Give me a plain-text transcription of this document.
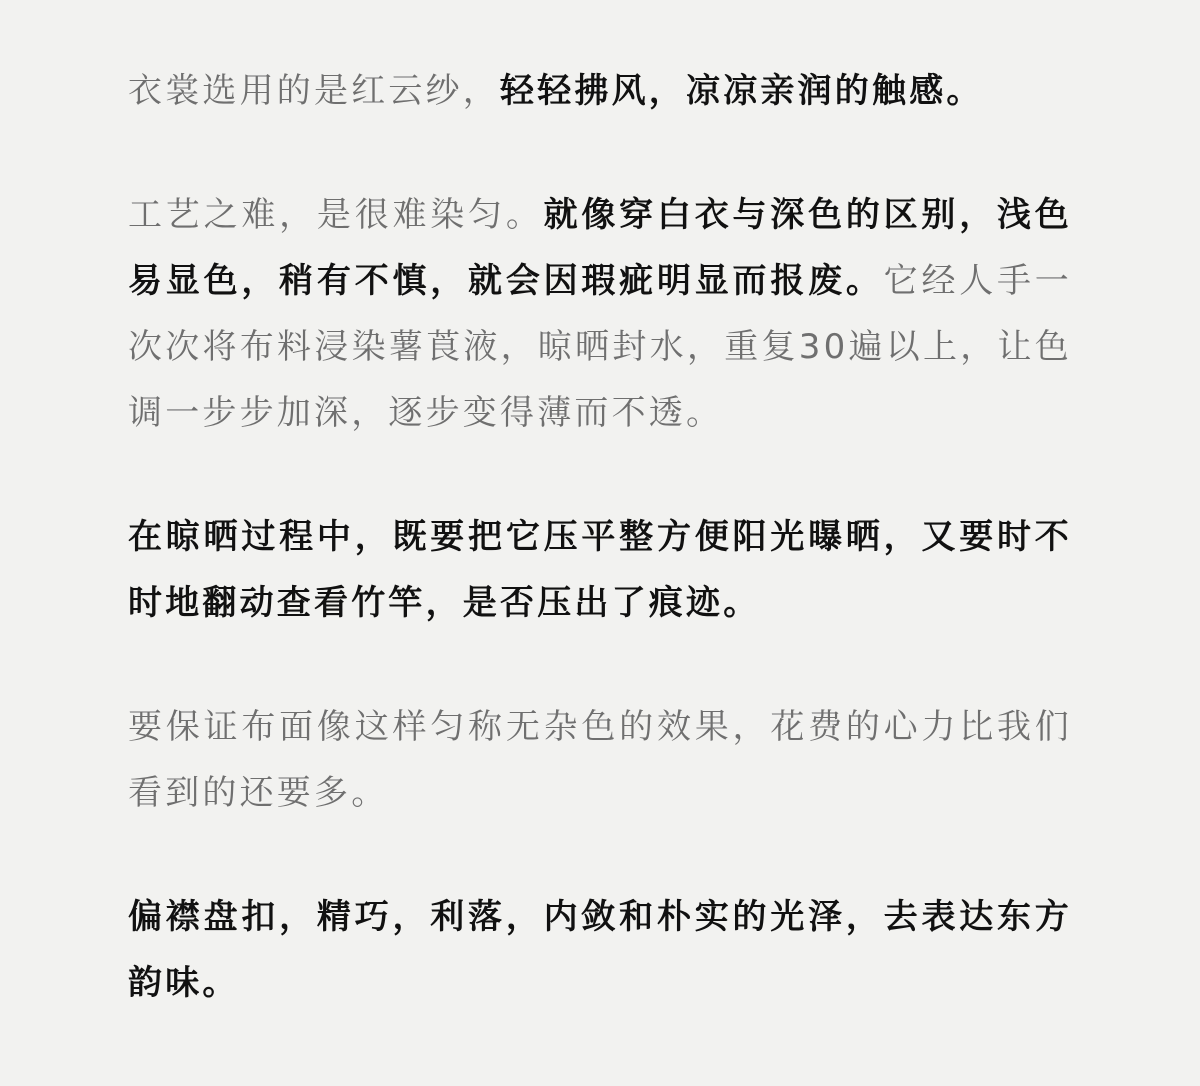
衣裳选用的是红云纱，轻轻拂风，凉凉亲润的触感。

工艺之难，是很难染匀。就像穿白衣与深色的区别，浅色易显色，稍有不慎，就会因瑕疵明显而报废。它经人手一次次将布料浸染薯莨液，晾晒封水，重复30遍以上，让色调一步步加深，逐步变得薄而不透。

在晾晒过程中，既要把它压平整方便阳光曝晒，又要时不时地翻动查看竹竿，是否压出了痕迹。

要保证布面像这样匀称无杂色的效果，花费的心力比我们看到的还要多。

偏襟盘扣，精巧，利落，内敛和朴实的光泽，去表达东方韵味。
